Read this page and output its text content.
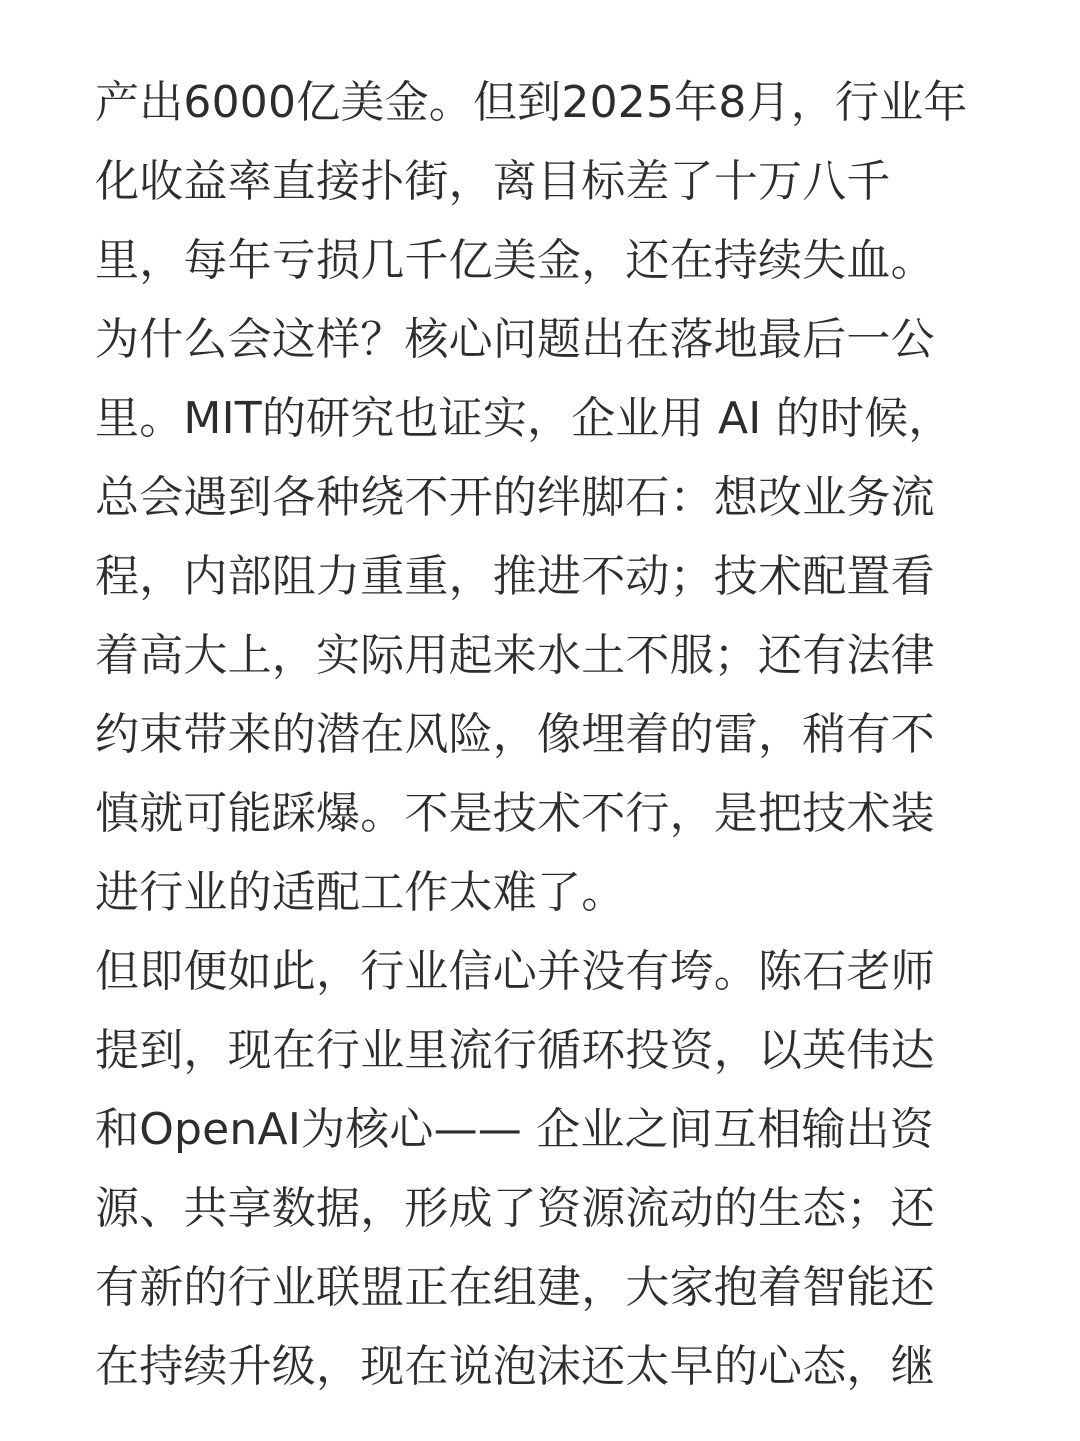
产出6000亿美金。但到2025年8月，行业年
化收益率直接扑街，离目标差了十万八千
里，每年亏损几千亿美金，还在持续失血。
为什么会这样？核心问题出在落地最后一公
里。MIT的研究也证实，企业用 AI 的时候，
总会遇到各种绕不开的绊脚石：想改业务流
程，内部阻力重重，推进不动；技术配置看
着高大上，实际用起来水土不服；还有法律
约束带来的潜在风险，像埋着的雷，稍有不
慎就可能踩爆。不是技术不行，是把技术装
进行业的适配工作太难了。
但即便如此，行业信心并没有垮。陈石老师
提到，现在行业里流行循环投资，以英伟达
和OpenAI为核心—— 企业之间互相输出资
源、共享数据，形成了资源流动的生态；还
有新的行业联盟正在组建，大家抱着智能还
在持续升级，现在说泡沫还太早的心态，继
